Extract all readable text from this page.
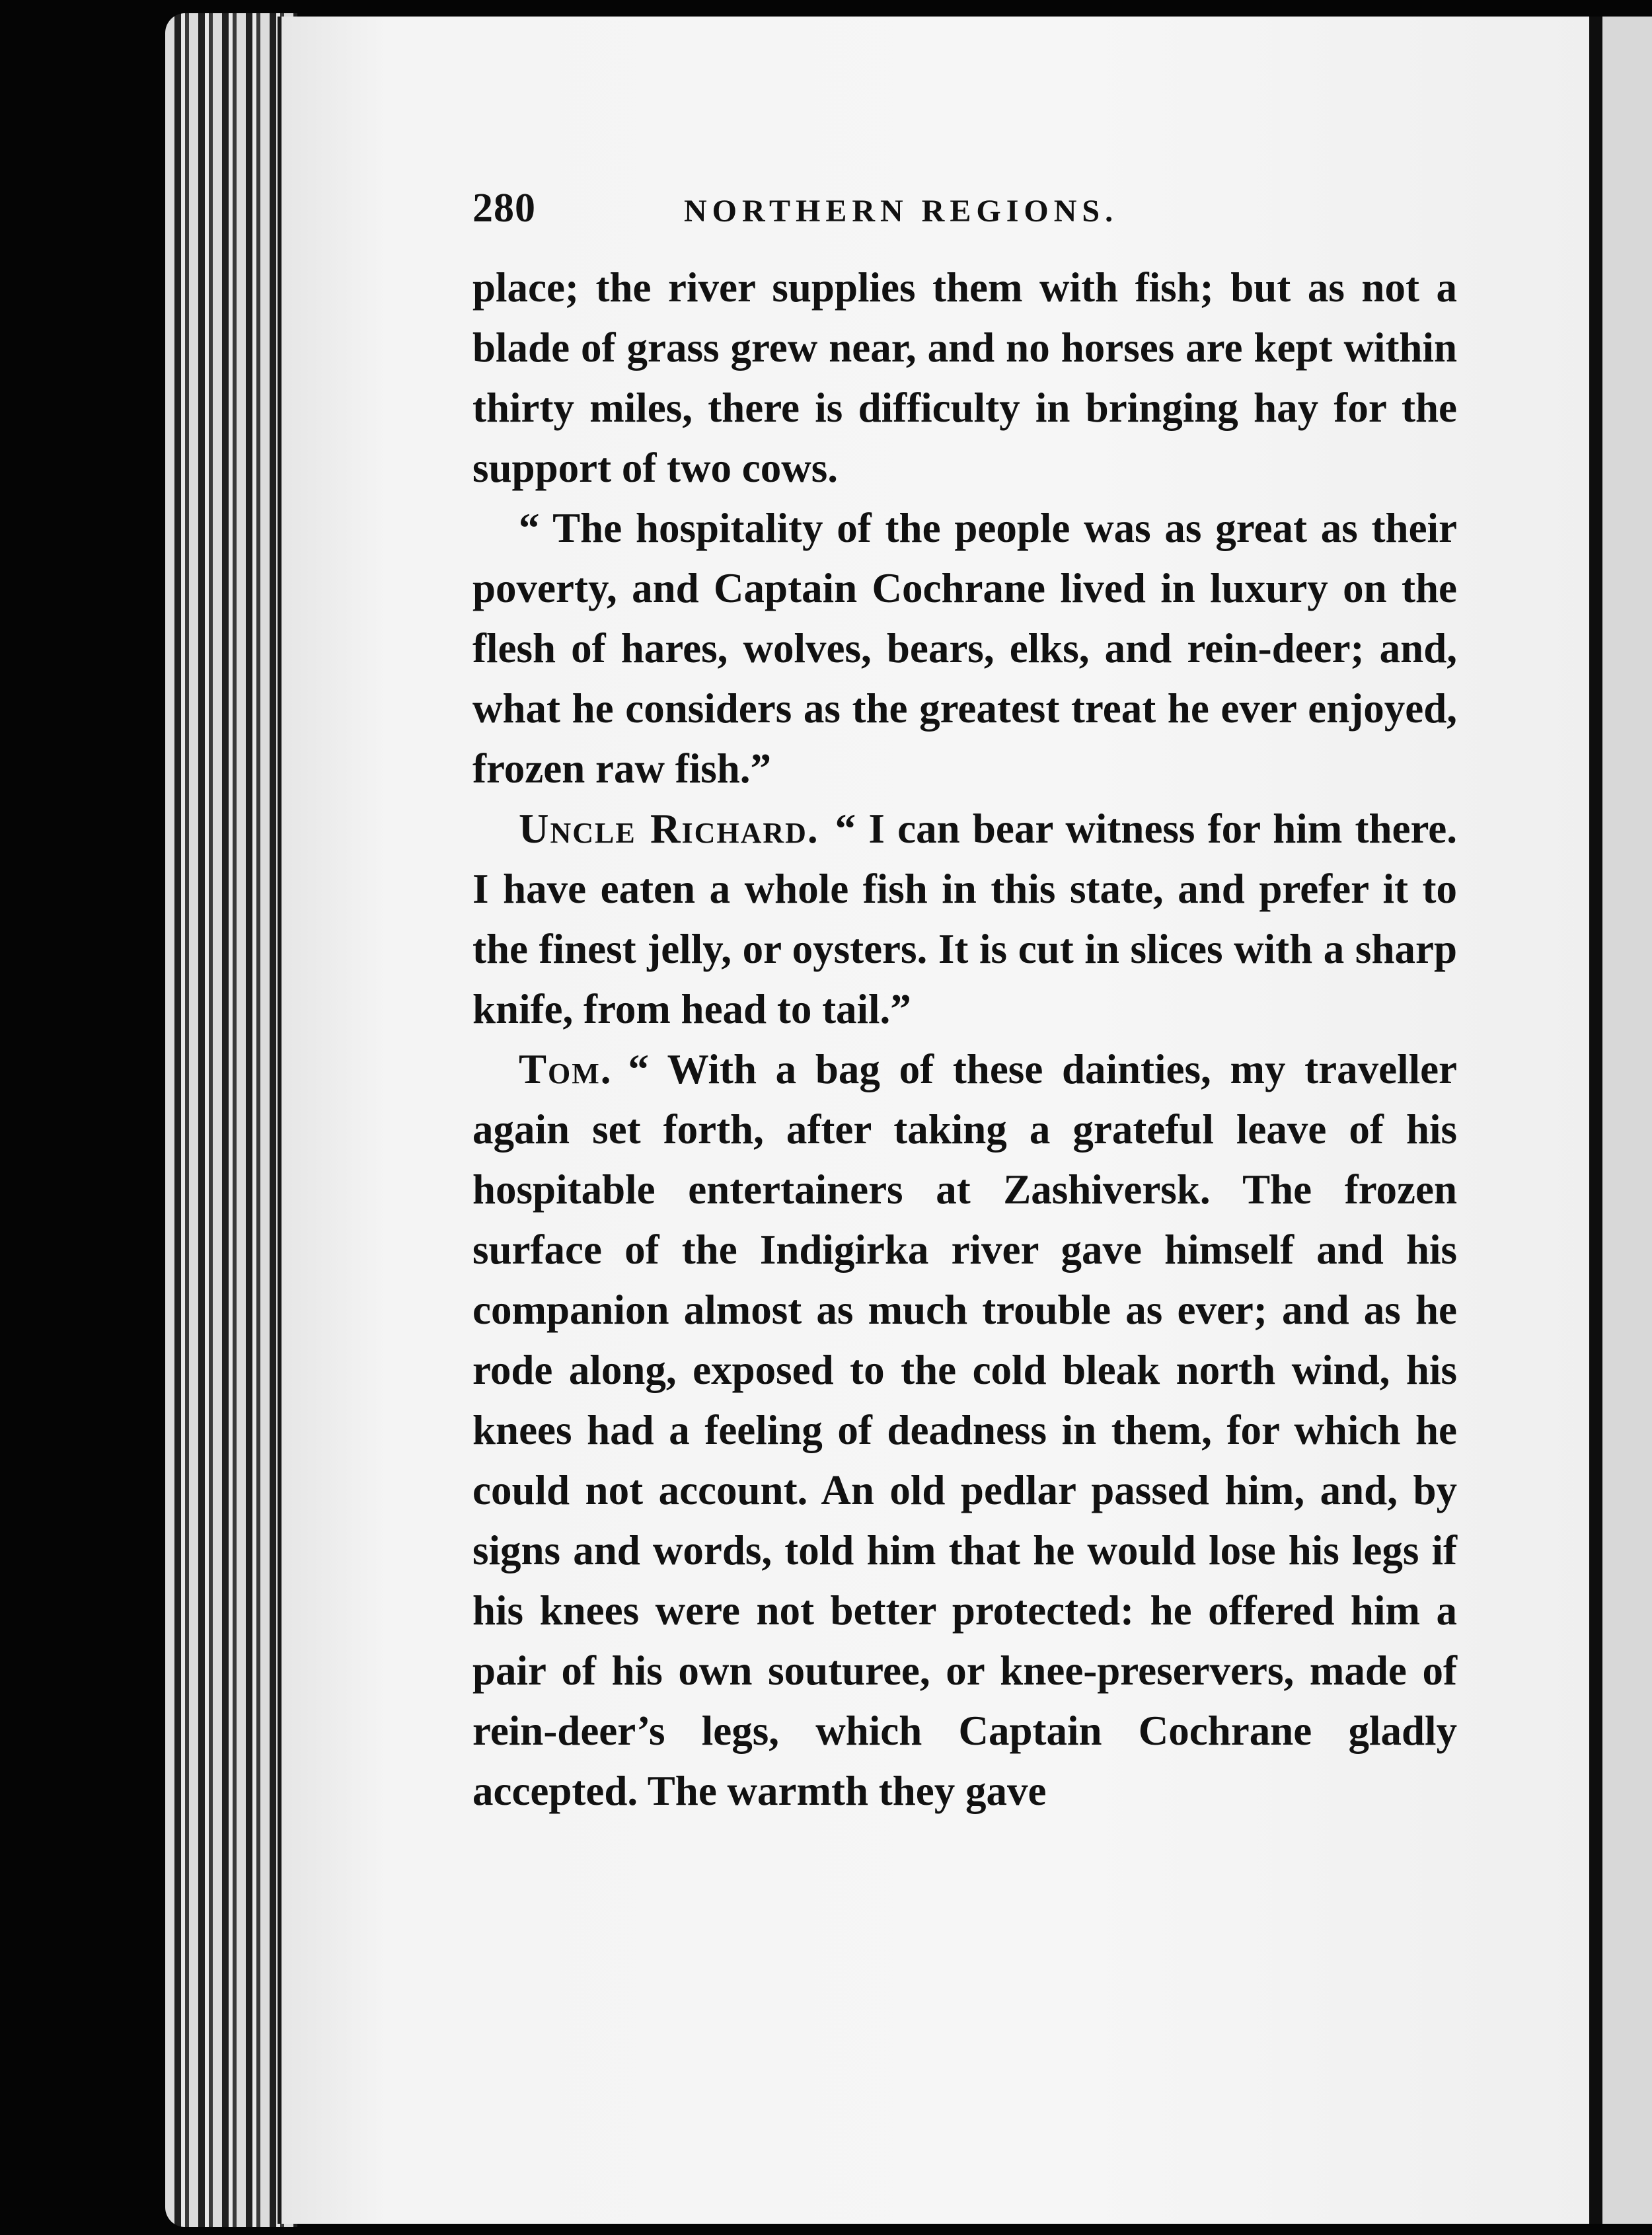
280	NORTHERN REGIONS.

place; the river supplies them with fish; but as not a blade of grass grew near, and no horses are kept within thirty miles, there is difficulty in bringing hay for the support of two cows.

“ The hospitality of the people was as great as their poverty, and Captain Cochrane lived in luxury on the flesh of hares, wolves, bears, elks, and rein-deer; and, what he considers as the greatest treat he ever enjoyed, frozen raw fish.”

Uncle Richard. “ I can bear witness for him there. I have eaten a whole fish in this state, and prefer it to the finest jelly, or oysters. It is cut in slices with a sharp knife, from head to tail.”

Tom. “ With a bag of these dainties, my traveller again set forth, after taking a grateful leave of his hospitable entertainers at Zashiversk. The frozen surface of the Indigirka river gave himself and his companion almost as much trouble as ever; and as he rode along, exposed to the cold bleak north wind, his knees had a feeling of deadness in them, for which he could not account. An old pedlar passed him, and, by signs and words, told him that he would lose his legs if his knees were not better protected: he offered him a pair of his own souturee, or knee-preservers, made of rein-deer’s legs, which Captain Cochrane gladly accepted. The warmth they gave
